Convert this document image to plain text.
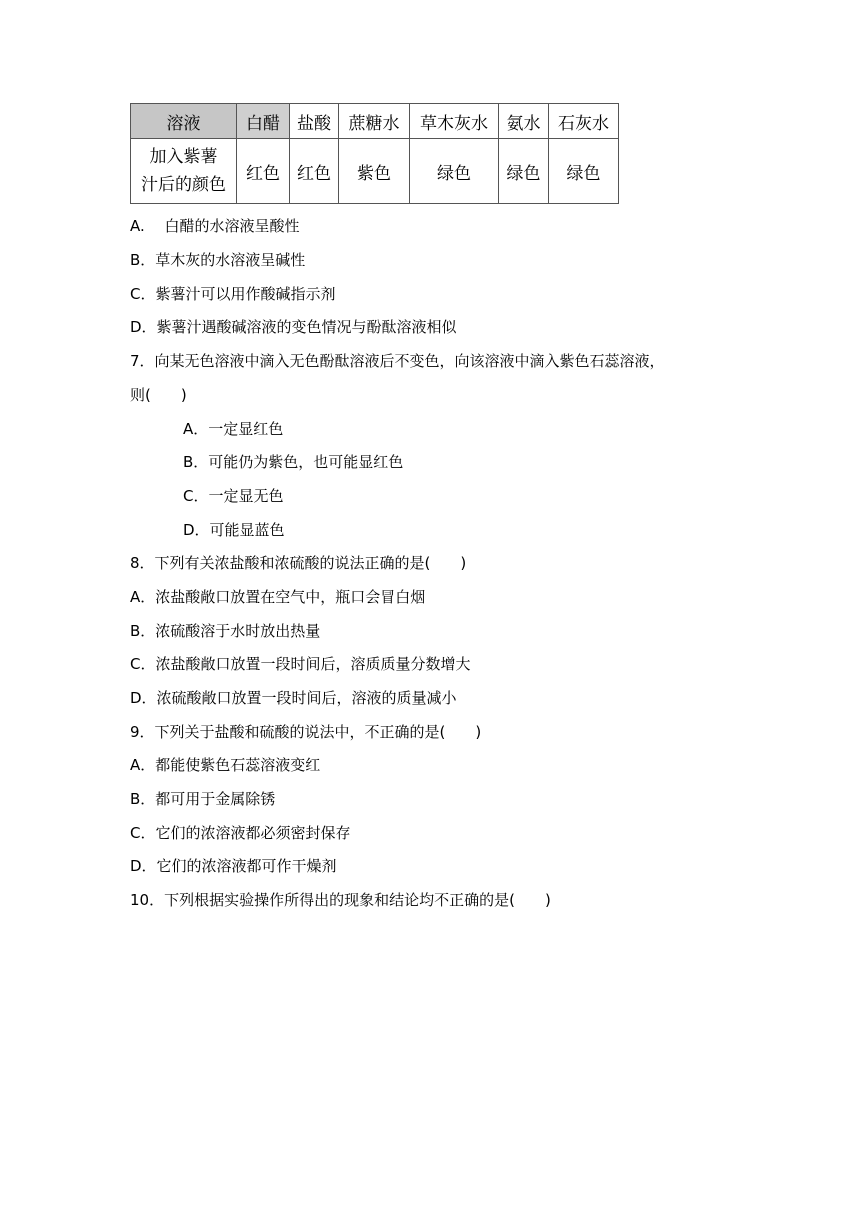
溶液	白醋	盐酸	蔗糖水	草木灰水	氨水	石灰水

加入紫薯
汁后的颜色	红色	红色	紫色	绿色	绿色	绿色
A.　 白醋的水溶液呈酸性
B．草木灰的水溶液呈碱性
C．紫薯汁可以用作酸碱指示剂
D．紫薯汁遇酸碱溶液的变色情况与酚酞溶液相似
7．向某无色溶液中滴入无色酚酞溶液后不变色，向该溶液中滴入紫色石蕊溶液，
则(　　)
A．一定显红色
B．可能仍为紫色，也可能显红色
C．一定显无色
D．可能显蓝色
8．下列有关浓盐酸和浓硫酸的说法正确的是(　　)
A．浓盐酸敞口放置在空气中，瓶口会冒白烟
B．浓硫酸溶于水时放出热量
C．浓盐酸敞口放置一段时间后，溶质质量分数增大
D．浓硫酸敞口放置一段时间后，溶液的质量减小
9．下列关于盐酸和硫酸的说法中，不正确的是(　　)
A．都能使紫色石蕊溶液变红
B．都可用于金属除锈
C．它们的浓溶液都必须密封保存
D．它们的浓溶液都可作干燥剂
10．下列根据实验操作所得出的现象和结论均不正确的是(　　)
